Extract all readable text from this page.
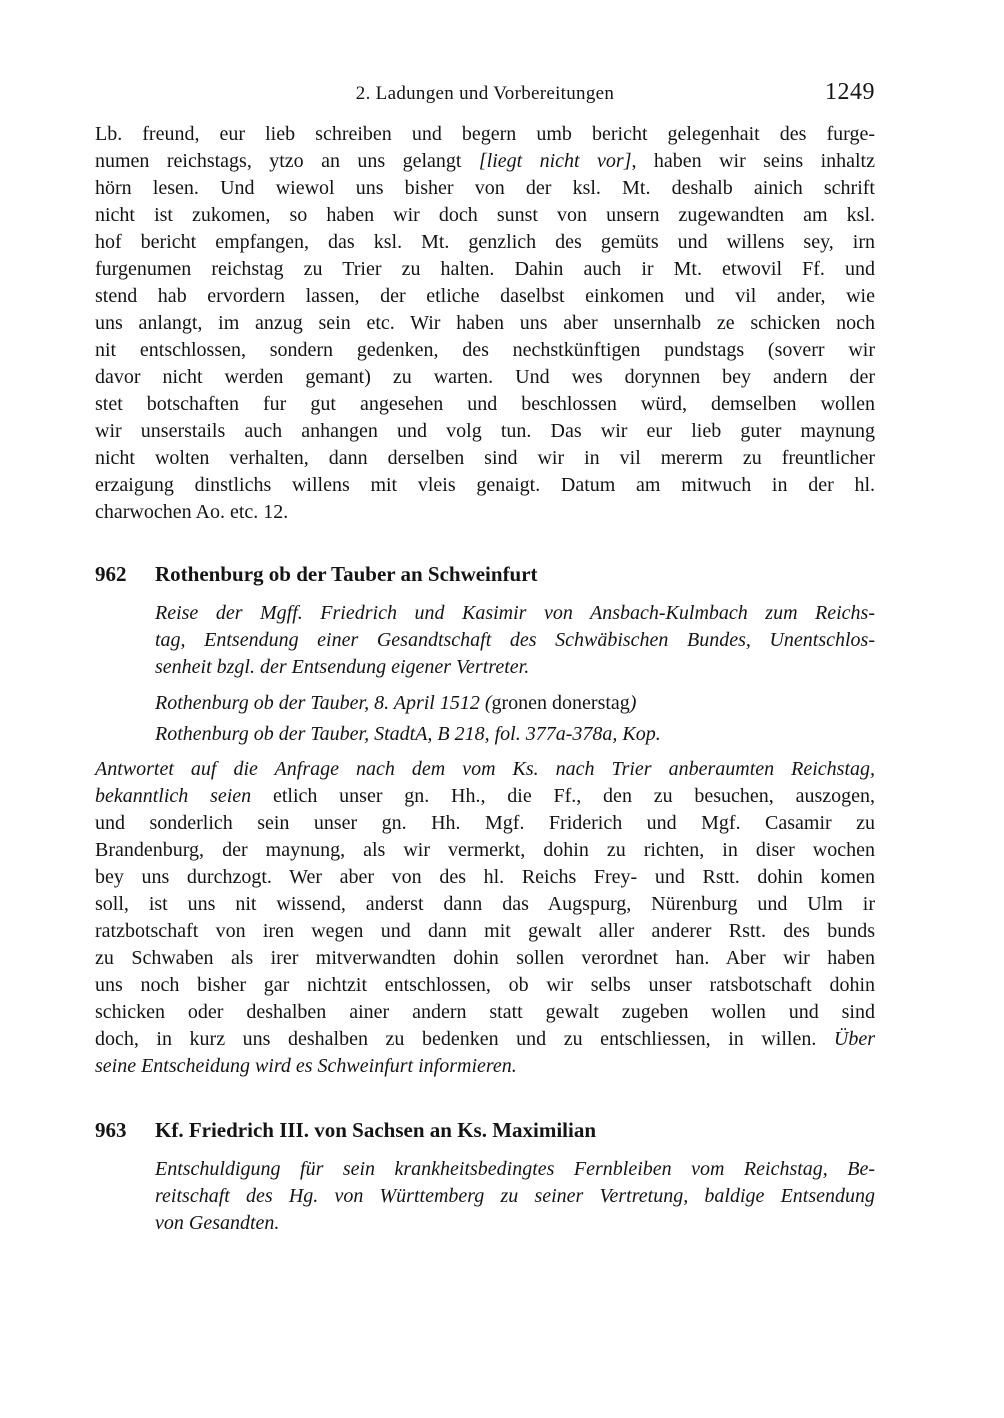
2. Ladungen und Vorbereitungen	1249
Lb. freund, eur lieb schreiben und begern umb bericht gelegenhait des furge-
numen reichstags, ytzo an uns gelangt [liegt nicht vor], haben wir seins inhaltz
hörn lesen. Und wiewol uns bisher von der ksl. Mt. deshalb ainich schrift
nicht ist zukomen, so haben wir doch sunst von unsern zugewandten am ksl.
hof bericht empfangen, das ksl. Mt. genzlich des gemüts und willens sey, irn
furgenumen reichstag zu Trier zu halten. Dahin auch ir Mt. etwovil Ff. und
stend hab ervordern lassen, der etliche daselbst einkomen und vil ander, wie
uns anlangt, im anzug sein etc. Wir haben uns aber unsernhalb ze schicken noch
nit entschlossen, sondern gedenken, des nechstkünftigen pundstags (soverr wir
davor nicht werden gemant) zu warten. Und wes dorynnen bey andern der
stet botschaften fur gut angesehen und beschlossen würd, demselben wollen
wir unserstails auch anhangen und volg tun. Das wir eur lieb guter maynung
nicht wolten verhalten, dann derselben sind wir in vil mererm zu freuntlicher
erzaigung dinstlichs willens mit vleis genaigt. Datum am mitwuch in der hl.
charwochen Ao. etc. 12.
962	Rothenburg ob der Tauber an Schweinfurt
Reise der Mgff. Friedrich und Kasimir von Ansbach-Kulmbach zum Reichs-
tag, Entsendung einer Gesandtschaft des Schwäbischen Bundes, Unentschlos-
senheit bzgl. der Entsendung eigener Vertreter.
Rothenburg ob der Tauber, 8. April 1512 (gronen donerstag)
Rothenburg ob der Tauber, StadtA, B 218, fol. 377a-378a, Kop.
Antwortet auf die Anfrage nach dem vom Ks. nach Trier anberaumten Reichstag,
bekanntlich seien etlich unser gn. Hh., die Ff., den zu besuchen, auszogen,
und sonderlich sein unser gn. Hh. Mgf. Friderich und Mgf. Casamir zu
Brandenburg, der maynung, als wir vermerkt, dohin zu richten, in diser wochen
bey uns durchzogt. Wer aber von des hl. Reichs Frey- und Rstt. dohin komen
soll, ist uns nit wissend, anderst dann das Augspurg, Nürenburg und Ulm ir
ratzbotschaft von iren wegen und dann mit gewalt aller anderer Rstt. des bunds
zu Schwaben als irer mitverwandten dohin sollen verordnet han. Aber wir haben
uns noch bisher gar nichtzit entschlossen, ob wir selbs unser ratsbotschaft dohin
schicken oder deshalben ainer andern statt gewalt zugeben wollen und sind
doch, in kurz uns deshalben zu bedenken und zu entschliessen, in willen. Über
seine Entscheidung wird es Schweinfurt informieren.
963	Kf. Friedrich III. von Sachsen an Ks. Maximilian
Entschuldigung für sein krankheitsbedingtes Fernbleiben vom Reichstag, Be-
reitschaft des Hg. von Württemberg zu seiner Vertretung, baldige Entsendung
von Gesandten.
